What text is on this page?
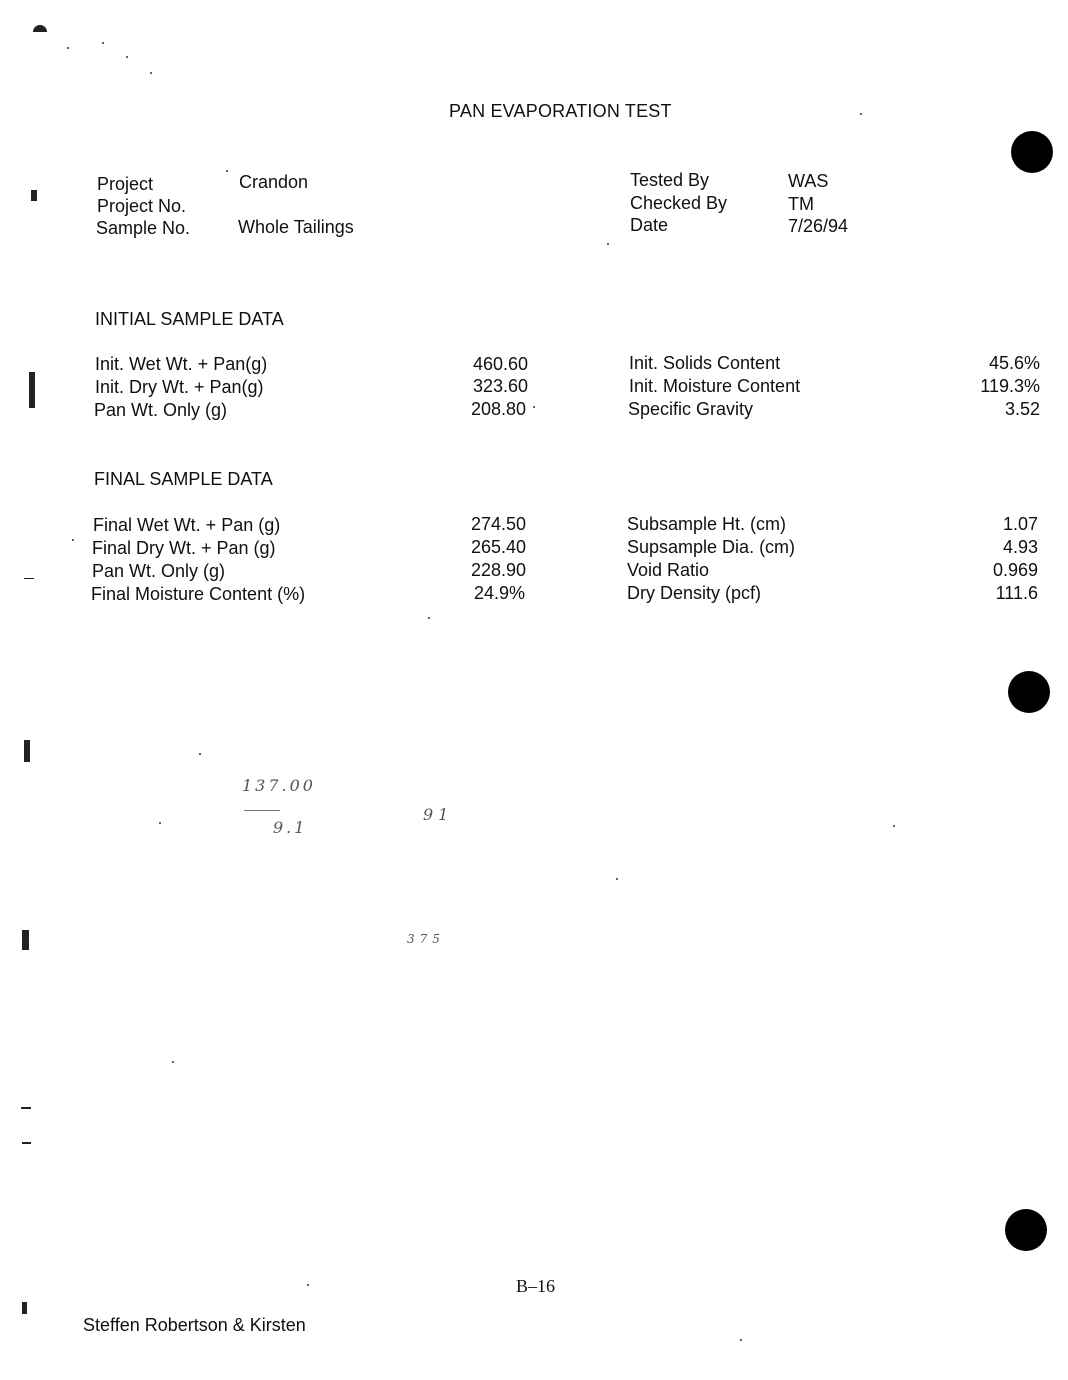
PAN EVAPORATION TEST
Project	Crandon
Project No.
Sample No.	Whole Tailings
Tested By	WAS
Checked By	TM
Date	7/26/94
INITIAL SAMPLE DATA
Init. Wet Wt. + Pan(g)	460.60
Init. Dry Wt. + Pan(g)	323.60
Pan Wt. Only (g)	208.80
Init. Solids Content	45.6%
Init. Moisture Content	119.3%
Specific Gravity	3.52
FINAL SAMPLE DATA
Final Wet Wt. + Pan (g)	274.50
Final Dry Wt. + Pan (g)	265.40
Pan Wt. Only (g)	228.90
Final Moisture Content (%)	24.9%
Subsample Ht. (cm)	1.07
Supsample Dia. (cm)	4.93
Void Ratio	0.969
Dry Density (pcf)	111.6
137.00
9.1
91
375
B–16
Steffen Robertson & Kirsten
